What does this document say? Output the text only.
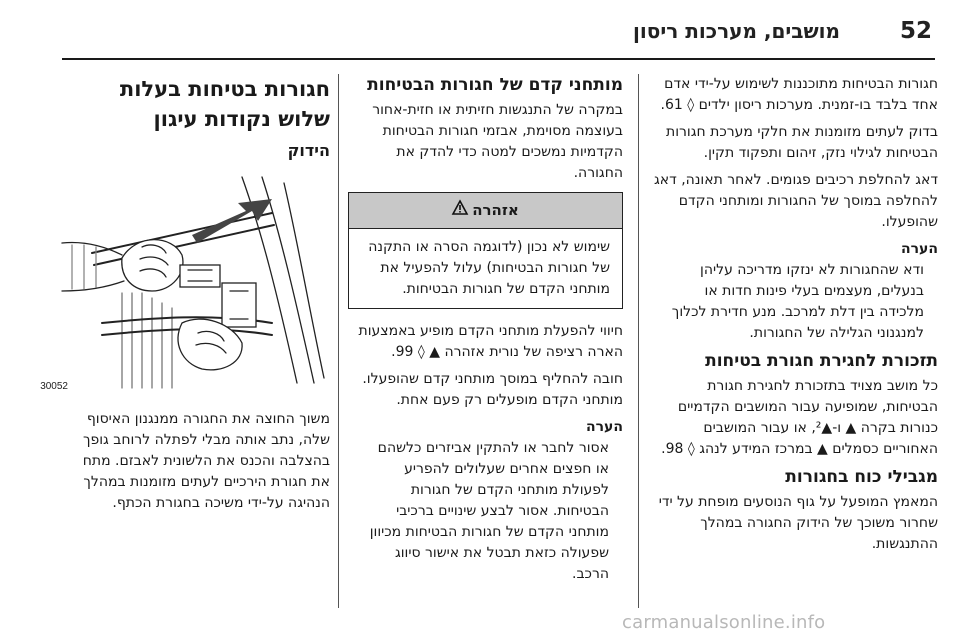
52
מושבים, מערכות ריסון

חגורות הבטיחות מתוכננות לשימוש על-ידי אדם אחד בלבד בו-זמנית. מערכות ריסון ילדים ◊ 61.

בדוק לעתים מזומנות את חלקי מערכת חגורות הבטיחות לגילוי נזק, זיהום ותפקוד תקין.

דאג להחלפת רכיבים פגומים. לאחר תאונה, דאג להחלפה במוסך של החגורות ומותחני הקדם שהופעלו.

הערה

ודא שהחגורות לא ינזקו מדריכה עליהן בנעלים, מעצמים בעלי פינות חדות או מלכידה בין דלת למרכב. מנע חדירת לכלוך למנגנוני הגלילה של החגורות.

תזכורת לחגירת חגורת בטיחות

כל מושב מצויד בתזכורת לחגירת חגורת הבטיחות, שמופיעה עבור המושבים הקדמיים כנורות בקרה ▲ ו-▲², או עבור המושבים האחוריים כסמלים ▲ במרכז המידע לנהג ◊ 98.

מגבילי כוח בחגורות

המאמץ המופעל על גוף הנוסעים מופחת על ידי שחרור משוכך של הידוק החגורה במהלך ההתנגשות.

מותחני קדם של חגורות הבטיחות

במקרה של התנגשות חזיתית או חזית-אחור בעוצמה מסוימת, אבזמי חגורות הבטיחות הקדמיות נמשכים למטה כדי להדק את החגורה.

אזהרה
שימוש לא נכון (לדוגמה הסרה או התקנה של חגורות הבטיחות) עלול להפעיל את מותחני הקדם של חגורות הבטיחות.

חיווי להפעלת מותחני הקדם מופיע באמצעות הארה רציפה של נורית אזהרה ▲ ◊ 99.

חובה להחליף במוסך מותחני קדם שהופעלו. מותחני הקדם מופעלים רק פעם אחת.

הערה

אסור לחבר או להתקין אביזרים כלשהם או חפצים אחרים שעלולים להפריע לפעולת מותחני הקדם של חגורות הבטיחות. אסור לבצע שינויים ברכיבי מותחני הקדם של חגורות הבטיחות מכיוון שפעולה כזאת תבטל את אישור סיווג הרכב.

חגורות בטיחות בעלות שלוש נקודות עיגון
הידוק
30052

משוך החוצה את החגורה ממנגנון האיסוף שלה, נתב אותה מבלי לפתלה לרוחב גופך בהצלבה והכנס את הלשונית לאבזם. מתח את חגורת הירכיים לעתים מזומנות במהלך הנהיגה על-ידי משיכה בחגורת הכתף.

carmanualsonline.info
